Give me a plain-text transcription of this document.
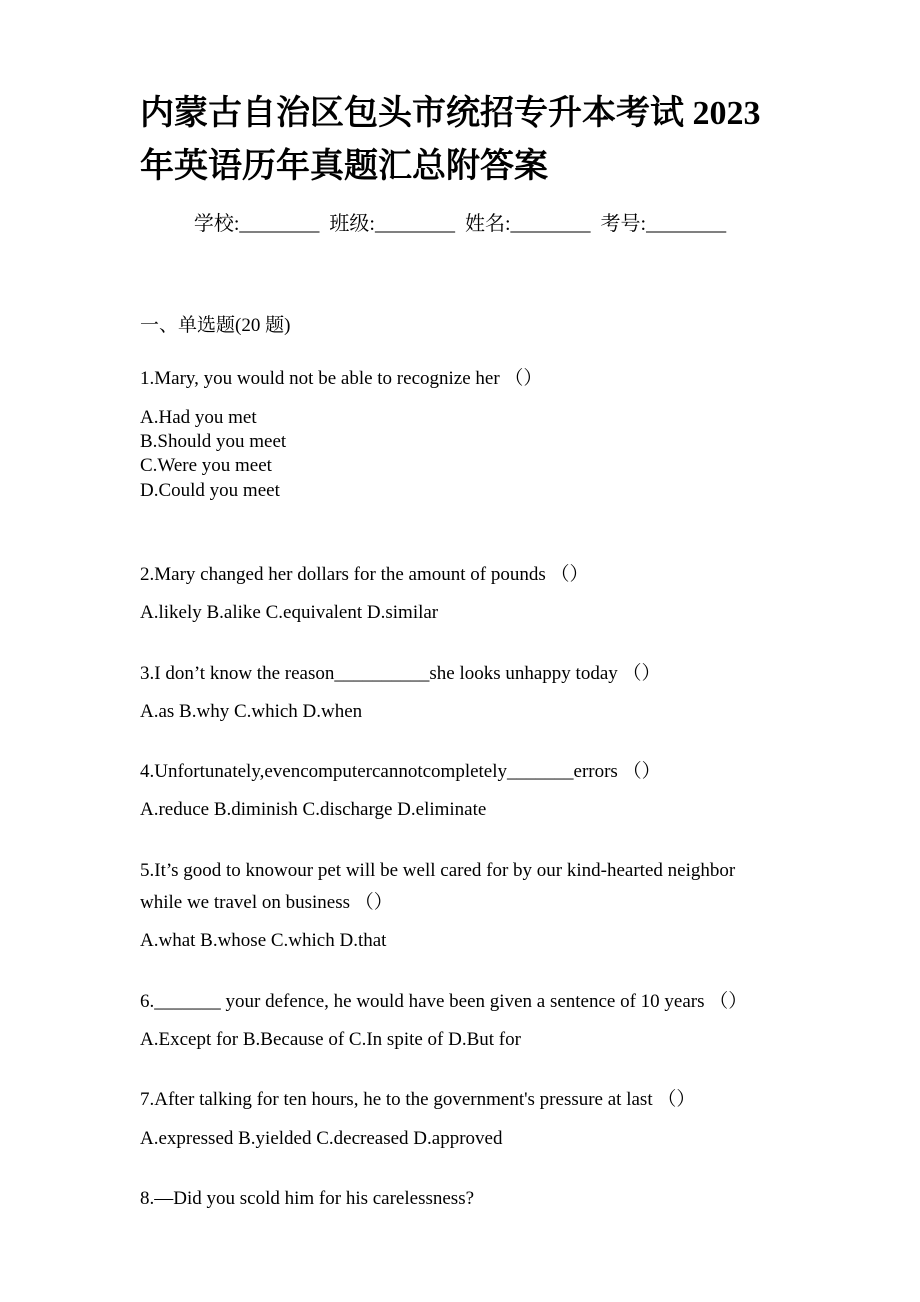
内蒙古自治区包头市统招专升本考试 2023 年英语历年真题汇总附答案
学校:________  班级:________  姓名:________  考号:________
一、单选题(20 题)
1.Mary, you would not be able to recognize her （）
A.Had you met
B.Should you meet
C.Were you meet
D.Could you meet
2.Mary changed her dollars for the amount of pounds （）
A.likely B.alike C.equivalent D.similar
3.I don’t know the reason__________she looks unhappy today （）
A.as B.why C.which D.when
4.Unfortunately,evencomputercannotcompletely_______errors （）
A.reduce B.diminish C.discharge D.eliminate
5.It’s good to knowour pet will be well cared for by our kind-hearted neighbor while we travel on business （）
A.what B.whose C.which D.that
6._______ your defence, he would have been given a sentence of 10 years （）
A.Except for B.Because of C.In spite of D.But for
7.After talking for ten hours, he to the government's pressure at last （）
A.expressed B.yielded C.decreased D.approved
8.—Did you scold him for his carelessness?
